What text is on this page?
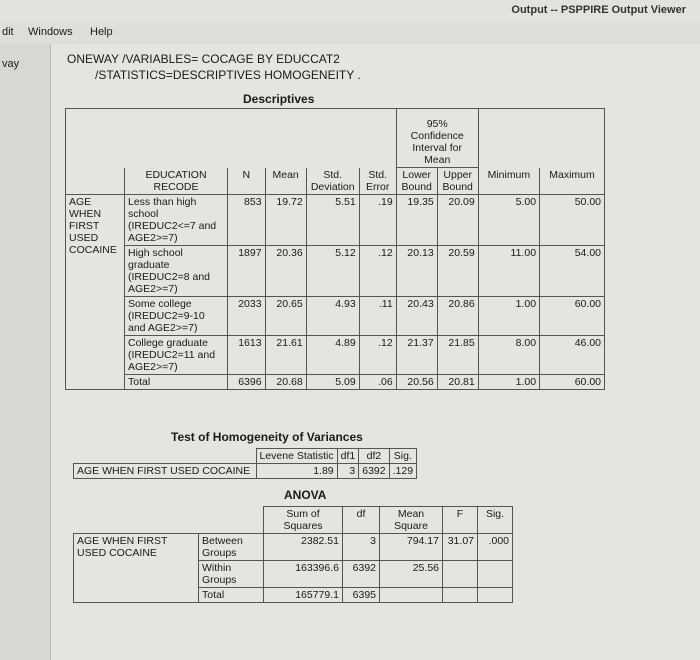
Output -- PSPPIRE Output Viewer
dit Windows Help
vay	ONEWAY /VARIABLES= COCAGE BY EDUCCAT2
/STATISTICS=DESCRIPTIVES HOMOGENEITY .
Descriptives
						95% Confidence Interval for Mean			
	EDUCATION RECODE	N	Mean	Std. Deviation	Std. Error	Lower Bound	Upper Bound	Minimum	Maximum
AGE WHEN FIRST USED COCAINE	Less than high school (IREDUC2<=7 and AGE2>=7)	853	19.72	5.51	.19	19.35	20.09	5.00	50.00
	High school graduate (IREDUC2=8 and AGE2>=7)	1897	20.36	5.12	.12	20.13	20.59	11.00	54.00
	Some college (IREDUC2=9-10 and AGE2>=7)	2033	20.65	4.93	.11	20.43	20.86	1.00	60.00
	College graduate (IREDUC2=11 and AGE2>=7)	1613	21.61	4.89	.12	21.37	21.85	8.00	46.00
	Total	6396	20.68	5.09	.06	20.56	20.81	1.00	60.00
Test of Homogeneity of Variances
	Levene Statistic	df1	df2	Sig.
AGE WHEN FIRST USED COCAINE	1.89	3	6392	.129
ANOVA
		Sum of Squares	df	Mean Square	F	Sig.
AGE WHEN FIRST USED COCAINE	Between Groups	2382.51	3	794.17	31.07	.000
	Within Groups	163396.6	6392	25.56		
	Total	165779.1	6395			
